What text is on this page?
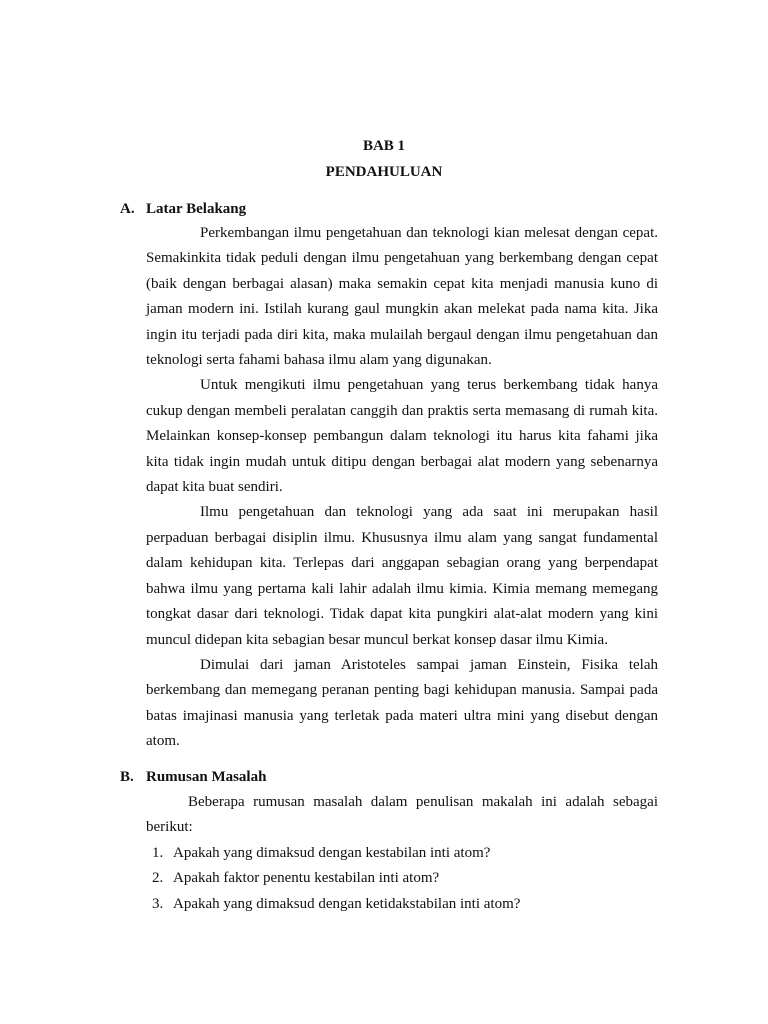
BAB 1
PENDAHULUAN
A. Latar Belakang

Perkembangan ilmu pengetahuan dan teknologi kian melesat dengan cepat. Semakinkita tidak peduli dengan ilmu pengetahuan yang berkembang dengan cepat (baik dengan berbagai alasan) maka semakin cepat kita menjadi manusia kuno di jaman modern ini. Istilah kurang gaul mungkin akan melekat pada nama kita. Jika ingin itu terjadi pada diri kita, maka mulailah bergaul dengan ilmu pengetahuan dan teknologi serta fahami bahasa ilmu alam yang digunakan.

Untuk mengikuti ilmu pengetahuan yang terus berkembang tidak hanya cukup dengan membeli peralatan canggih dan praktis serta memasang di rumah kita. Melainkan konsep-konsep pembangun dalam teknologi itu harus kita fahami jika kita tidak ingin mudah untuk ditipu dengan berbagai alat modern yang sebenarnya dapat kita buat sendiri.

Ilmu pengetahuan dan teknologi yang ada saat ini merupakan hasil perpaduan berbagai disiplin ilmu. Khususnya ilmu alam yang sangat fundamental dalam kehidupan kita. Terlepas dari anggapan sebagian orang yang berpendapat bahwa ilmu yang pertama kali lahir adalah ilmu kimia. Kimia memang memegang tongkat dasar dari teknologi. Tidak dapat kita pungkiri alat-alat modern yang kini muncul didepan kita sebagian besar muncul berkat konsep dasar ilmu Kimia.

Dimulai dari jaman Aristoteles sampai jaman Einstein, Fisika telah berkembang dan memegang peranan penting bagi kehidupan manusia. Sampai pada batas imajinasi manusia yang terletak pada materi ultra mini yang disebut dengan atom.

B. Rumusan Masalah

Beberapa rumusan masalah dalam penulisan makalah ini adalah sebagai berikut:

1. Apakah yang dimaksud dengan kestabilan inti atom?
2. Apakah faktor penentu kestabilan inti atom?
3. Apakah yang dimaksud dengan ketidakstabilan inti atom?
